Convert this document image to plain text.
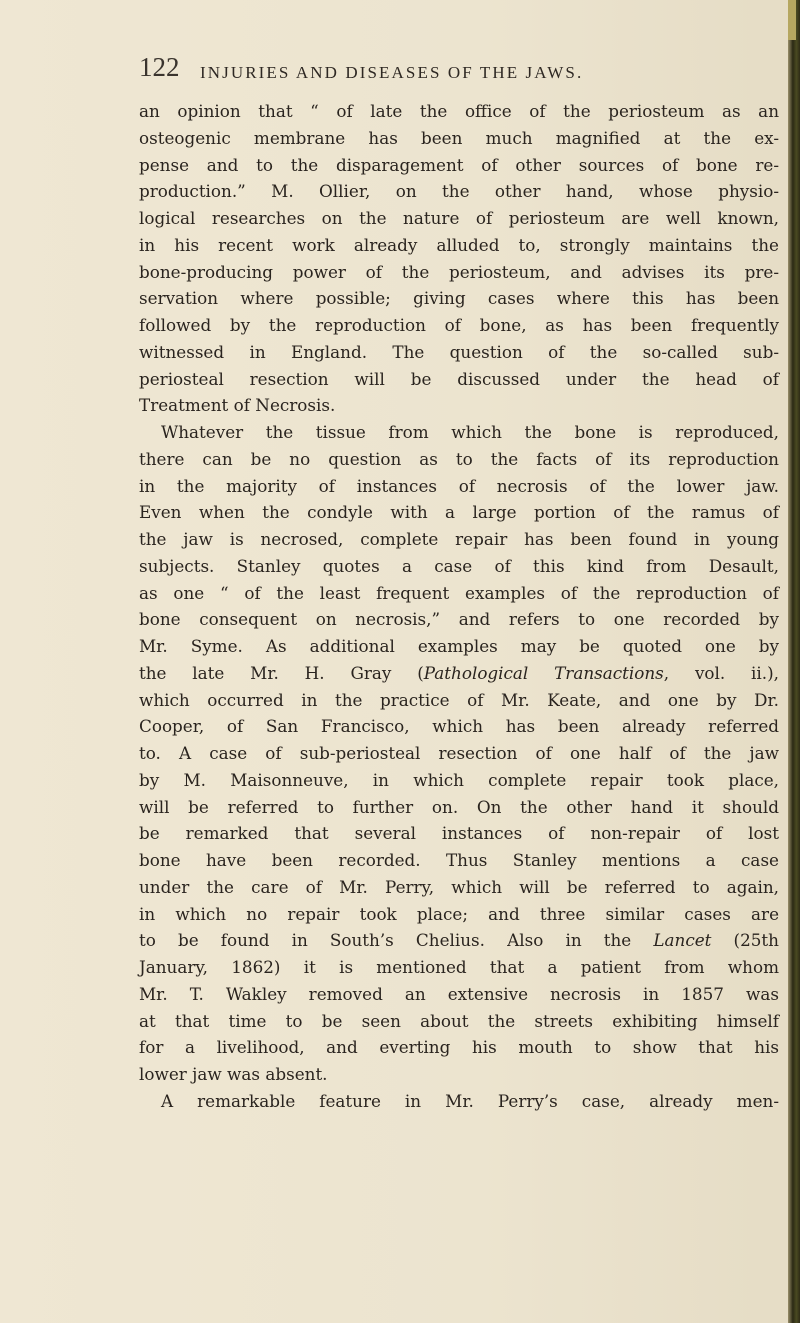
122 INJURIES AND DISEASES OF THE JAWS.
an opinion that “ of late the office of the periosteum as an
osteogenic membrane has been much magnified at the ex-
pense and to the disparagement of other sources of bone re-
production.” M. Ollier, on the other hand, whose physio-
logical researches on the nature of periosteum are well known,
in his recent work already alluded to, strongly maintains the
bone-producing power of the periosteum, and advises its pre-
servation where possible; giving cases where this has been
followed by the reproduction of bone, as has been frequently
witnessed in England. The question of the so-called sub-
periosteal resection will be discussed under the head of
Treatment of Necrosis.
Whatever the tissue from which the bone is reproduced,
there can be no question as to the facts of its reproduction
in the majority of instances of necrosis of the lower jaw.
Even when the condyle with a large portion of the ramus of
the jaw is necrosed, complete repair has been found in young
subjects. Stanley quotes a case of this kind from Desault,
as one “ of the least frequent examples of the reproduction of
bone consequent on necrosis,” and refers to one recorded by
Mr. Syme. As additional examples may be quoted one by
the late Mr. H. Gray (Pathological Transactions, vol. ii.),
which occurred in the practice of Mr. Keate, and one by Dr.
Cooper, of San Francisco, which has been already referred
to. A case of sub-periosteal resection of one half of the jaw
by M. Maisonneuve, in which complete repair took place,
will be referred to further on. On the other hand it should
be remarked that several instances of non-repair of lost
bone have been recorded. Thus Stanley mentions a case
under the care of Mr. Perry, which will be referred to again,
in which no repair took place; and three similar cases are
to be found in South’s Chelius. Also in the Lancet (25th
January, 1862) it is mentioned that a patient from whom
Mr. T. Wakley removed an extensive necrosis in 1857 was
at that time to be seen about the streets exhibiting himself
for a livelihood, and everting his mouth to show that his
lower jaw was absent.
A remarkable feature in Mr. Perry’s case, already men-
